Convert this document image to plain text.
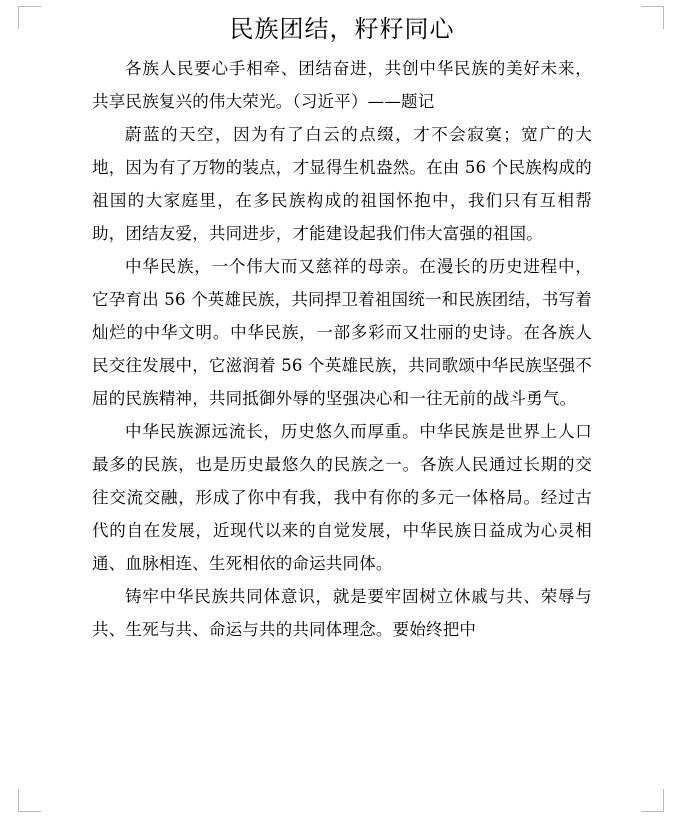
民族团结，籽籽同心

各族人民要心手相牵、团结奋进，共创中华民族的美好未来，共享民族复兴的伟大荣光。（习近平）——题记

蔚蓝的天空，因为有了白云的点缀，才不会寂寞；宽广的大地，因为有了万物的装点，才显得生机盎然。在由 56 个民族构成的祖国的大家庭里，在多民族构成的祖国怀抱中，我们只有互相帮助，团结友爱，共同进步，才能建设起我们伟大富强的祖国。

中华民族，一个伟大而又慈祥的母亲。在漫长的历史进程中，它孕育出 56 个英雄民族，共同捍卫着祖国统一和民族团结，书写着灿烂的中华文明。中华民族，一部多彩而又壮丽的史诗。在各族人民交往发展中，它滋润着 56 个英雄民族，共同歌颂中华民族坚强不屈的民族精神，共同抵御外辱的坚强决心和一往无前的战斗勇气。

中华民族源远流长，历史悠久而厚重。中华民族是世界上人口最多的民族，也是历史最悠久的民族之一。各族人民通过长期的交往交流交融，形成了你中有我，我中有你的多元一体格局。经过古代的自在发展，近现代以来的自觉发展，中华民族日益成为心灵相通、血脉相连、生死相依的命运共同体。

铸牢中华民族共同体意识，就是要牢固树立休戚与共、荣辱与共、生死与共、命运与共的共同体理念。要始终把中
